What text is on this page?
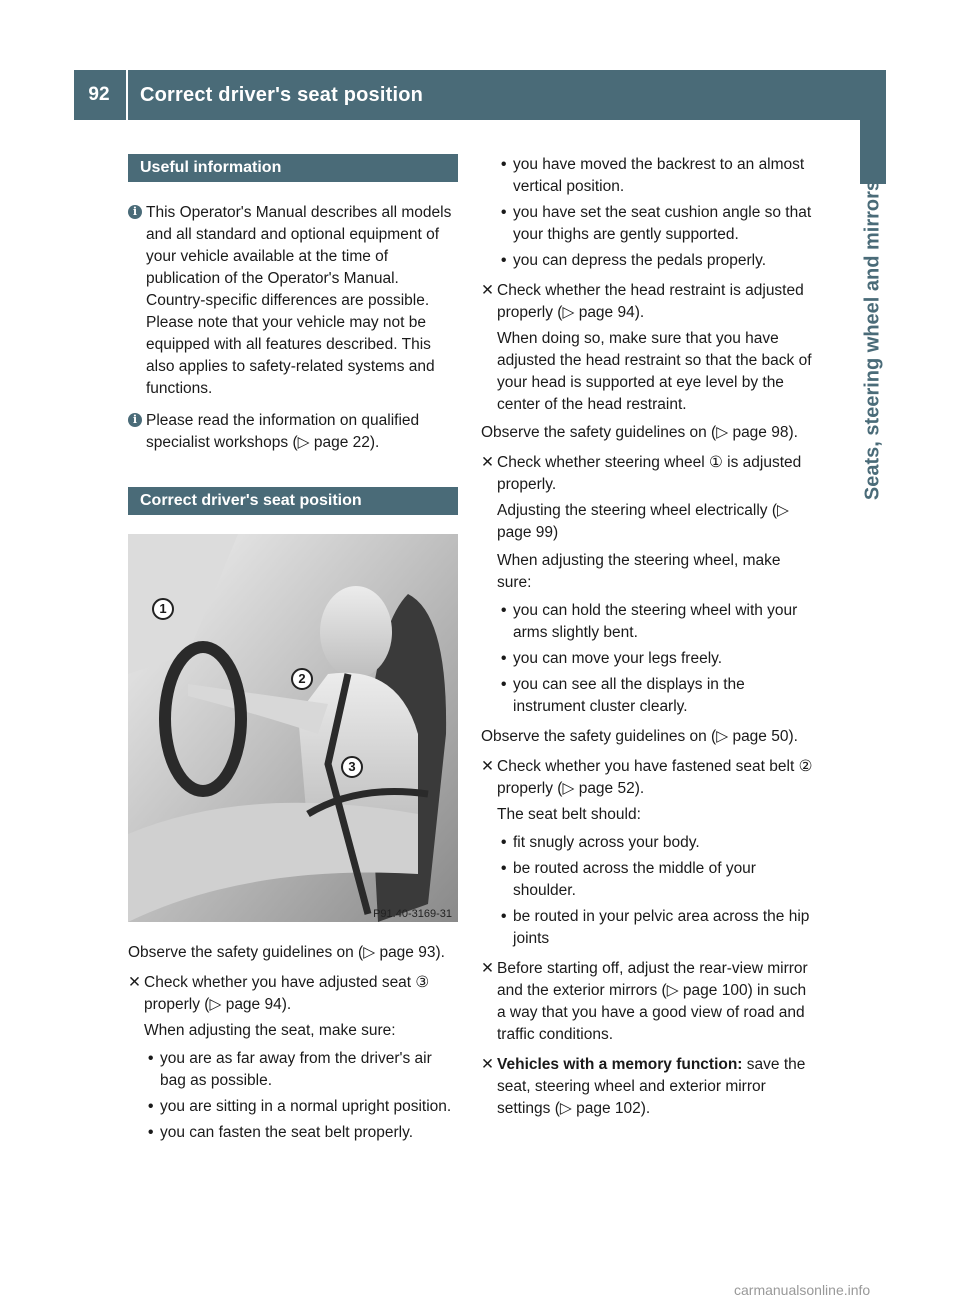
92	Correct driver's seat position
Seats, steering wheel and mirrors
Useful information
i This Operator's Manual describes all models and all standard and optional equipment of your vehicle available at the time of publication of the Operator's Manual. Country-specific differences are possible. Please note that your vehicle may not be equipped with all features described. This also applies to safety-related systems and functions.
i Please read the information on qualified specialist workshops (▷ page 22).
Correct driver's seat position
1
2
3
P91.40-3169-31

Observe the safety guidelines on (▷ page 93).

✕ Check whether you have adjusted seat ③ properly (▷ page 94).
When adjusting the seat, make sure:
• you are as far away from the driver's air bag as possible.
• you are sitting in a normal upright position.
• you can fasten the seat belt properly.
• you have moved the backrest to an almost vertical position.
• you have set the seat cushion angle so that your thighs are gently supported.
• you can depress the pedals properly.
✕ Check whether the head restraint is adjusted properly (▷ page 94).
When doing so, make sure that you have adjusted the head restraint so that the back of your head is supported at eye level by the center of the head restraint.

Observe the safety guidelines on (▷ page 98).

✕ Check whether steering wheel ① is adjusted properly.
Adjusting the steering wheel electrically (▷ page 99)
When adjusting the steering wheel, make sure:
• you can hold the steering wheel with your arms slightly bent.
• you can move your legs freely.
• you can see all the displays in the instrument cluster clearly.

Observe the safety guidelines on (▷ page 50).

✕ Check whether you have fastened seat belt ② properly (▷ page 52).
The seat belt should:
• fit snugly across your body.
• be routed across the middle of your shoulder.
• be routed in your pelvic area across the hip joints
✕ Before starting off, adjust the rear-view mirror and the exterior mirrors (▷ page 100) in such a way that you have a good view of road and traffic conditions.
✕ Vehicles with a memory function: save the seat, steering wheel and exterior mirror settings (▷ page 102).
carmanualsonline.info
